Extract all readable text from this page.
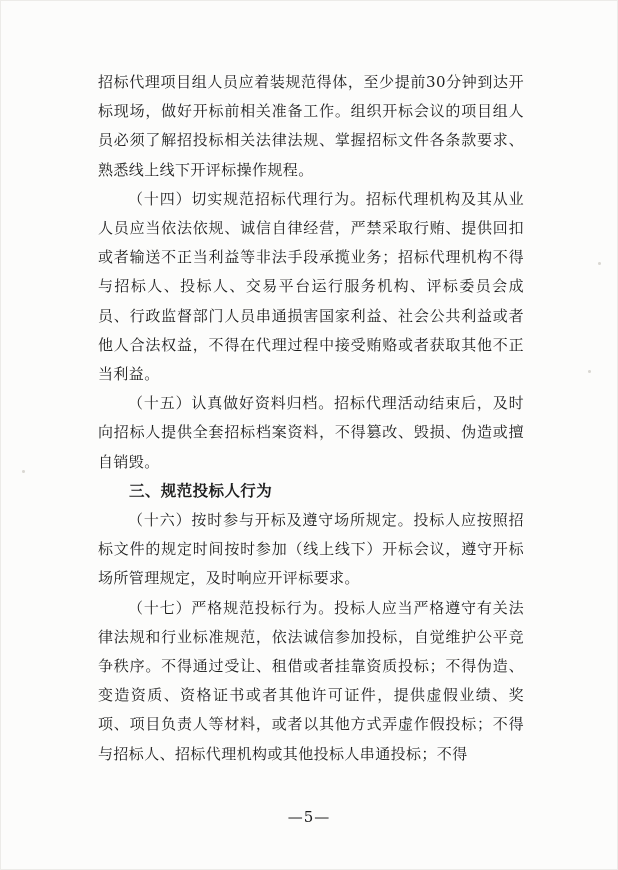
招标代理项目组人员应着装规范得体，至少提前30分钟到达开标现场，做好开标前相关准备工作。组织开标会议的项目组人员必须了解招投标相关法律法规、掌握招标文件各条款要求、熟悉线上线下开评标操作规程。

（十四）切实规范招标代理行为。招标代理机构及其从业人员应当依法依规、诚信自律经营，严禁采取行贿、提供回扣或者输送不正当利益等非法手段承揽业务；招标代理机构不得与招标人、投标人、交易平台运行服务机构、评标委员会成员、行政监督部门人员串通损害国家利益、社会公共利益或者他人合法权益，不得在代理过程中接受贿赂或者获取其他不正当利益。

（十五）认真做好资料归档。招标代理活动结束后，及时向招标人提供全套招标档案资料，不得篡改、毁损、伪造或擅自销毁。

三、规范投标人行为

（十六）按时参与开标及遵守场所规定。投标人应按照招标文件的规定时间按时参加（线上线下）开标会议，遵守开标场所管理规定，及时响应开评标要求。

（十七）严格规范投标行为。投标人应当严格遵守有关法律法规和行业标准规范，依法诚信参加投标，自觉维护公平竞争秩序。不得通过受让、租借或者挂靠资质投标；不得伪造、变造资质、资格证书或者其他许可证件，提供虚假业绩、奖项、项目负责人等材料，或者以其他方式弄虚作假投标；不得与招标人、招标代理机构或其他投标人串通投标；不得

—5—
